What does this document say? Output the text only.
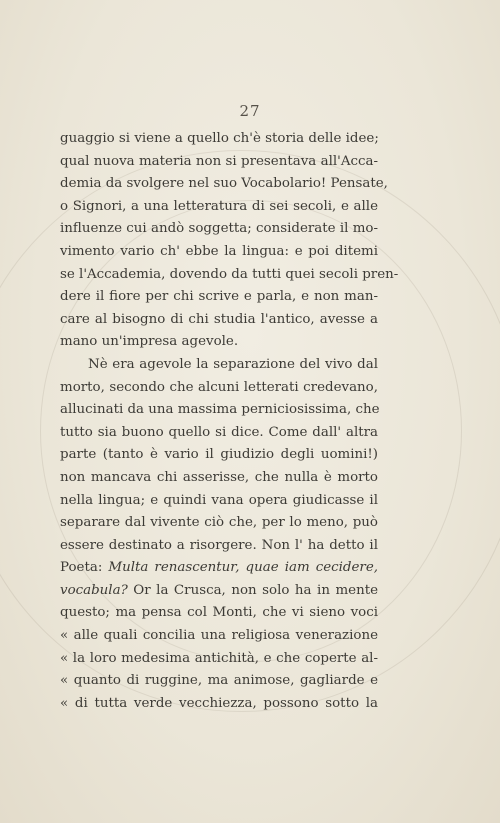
27
guaggio si viene a quello ch'è storia delle idee;
qual nuova materia non si presentava all'Acca-
demia da svolgere nel suo Vocabolario! Pensate,
o Signori, a una letteratura di sei secoli, e alle
influenze cui andò soggetta; considerate il mo-
vimento vario ch' ebbe la lingua: e poi ditemi
se l'Accademia, dovendo da tutti quei secoli pren-
dere il fiore per chi scrive e parla, e non man-
care al bisogno di chi studia l'antico, avesse a
mano un'impresa agevole.
Nè era agevole la separazione del vivo dal
morto, secondo che alcuni letterati credevano,
allucinati da una massima perniciosissima, che
tutto sia buono quello si dice. Come dall' altra
parte (tanto è vario il giudizio degli uomini!)
non mancava chi asserisse, che nulla è morto
nella lingua; e quindi vana opera giudicasse il
separare dal vivente ciò che, per lo meno, può
essere destinato a risorgere. Non l' ha detto il
Poeta: Multa renascentur, quae iam cecidere,
vocabula? Or la Crusca, non solo ha in mente
questo; ma pensa col Monti, che vi sieno voci
« alle quali concilia una religiosa venerazione
« la loro medesima antichità, e che coperte al-
« quanto di ruggine, ma animose, gagliarde e
« di tutta verde vecchiezza, possono sotto la
